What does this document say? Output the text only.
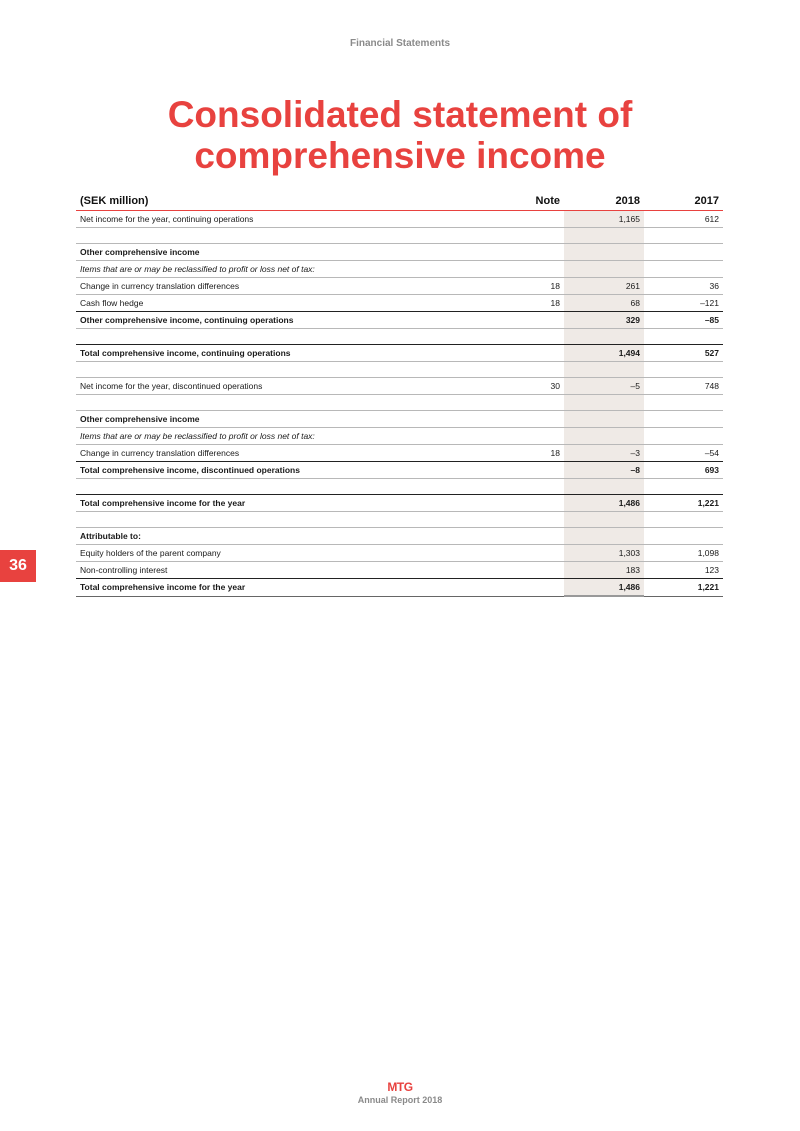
Financial Statements
Consolidated statement of comprehensive income
36
(SEK million)	Note	2018	2017
Net income for the year, continuing operations		1,165	612

Other comprehensive income			
Items that are or may be reclassified to profit or loss net of tax:			
Change in currency translation differences	18	261	36
Cash flow hedge	18	68	–121
Other comprehensive income, continuing operations		329	–85

Total comprehensive income, continuing operations		1,494	527

Net income for the year, discontinued operations	30	–5	748

Other comprehensive income			
Items that are or may be reclassified to profit or loss net of tax:			
Change in currency translation differences	18	–3	–54
Total comprehensive income, discontinued operations		–8	693

Total comprehensive income for the year		1,486	1,221

Attributable to:			
Equity holders of the parent company		1,303	1,098
Non-controlling interest		183	123
Total comprehensive income for the year		1,486	1,221
MTG
Annual Report 2018
